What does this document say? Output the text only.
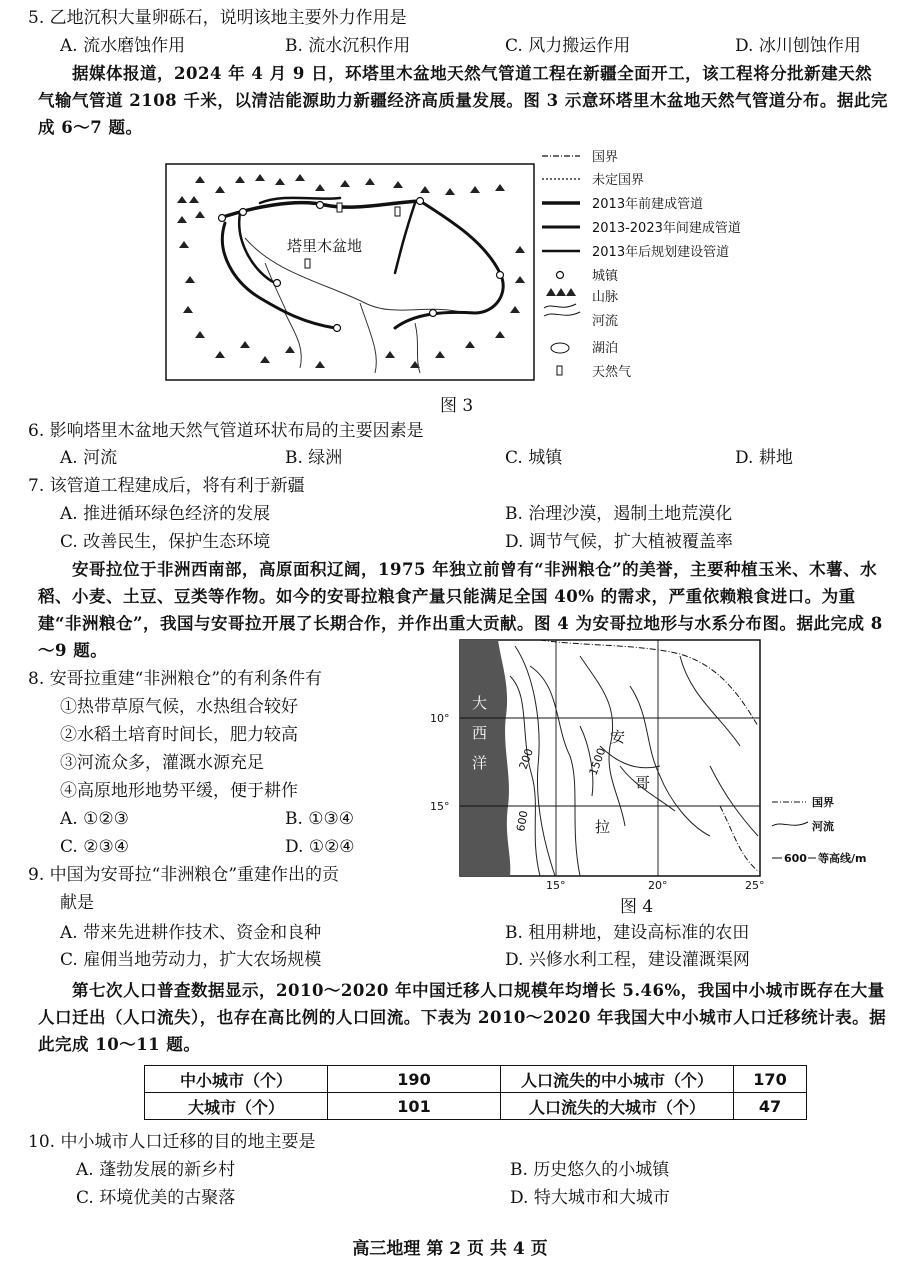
5. 乙地沉积大量卵砾石，说明该地主要外力作用是
A. 流水磨蚀作用	B. 流水沉积作用	C. 风力搬运作用	D. 冰川刨蚀作用
据媒体报道，2024 年 4 月 9 日，环塔里木盆地天然气管道工程在新疆全面开工，该工程将分批新建天然气输气管道 2108 千米，以清洁能源助力新疆经济高质量发展。图 3 示意环塔里木盆地天然气管道分布。据此完成 6～7 题。
塔里木盆地
国界
未定国界
2013年前建成管道
2013-2023年间建成管道
2013年后规划建设管道
城镇
山脉
河流
湖泊
天然气
图 3
6. 影响塔里木盆地天然气管道环状布局的主要因素是
A. 河流	B. 绿洲	C. 城镇	D. 耕地
7. 该管道工程建成后，将有利于新疆
A. 推进循环绿色经济的发展	B. 治理沙漠，遏制土地荒漠化
C. 改善民生，保护生态环境	D. 调节气候，扩大植被覆盖率
安哥拉位于非洲西南部，高原面积辽阔，1975 年独立前曾有“非洲粮仓”的美誉，主要种植玉米、木薯、水稻、小麦、土豆、豆类等作物。如今的安哥拉粮食产量只能满足全国 40% 的需求，严重依赖粮食进口。为重建“非洲粮仓”，我国与安哥拉开展了长期合作，并作出重大贡献。图 4 为安哥拉地形与水系分布图。据此完成 8～9 题。
8. 安哥拉重建“非洲粮仓”的有利条件有
①热带草原气候，水热组合较好
②水稻土培育时间长，肥力较高
③河流众多，灌溉水源充足
④高原地形地势平缓，便于耕作
A. ①②③	B. ①③④
C. ②③④	D. ①②④
9. 中国为安哥拉“非洲粮仓”重建作出的贡
献是
A. 带来先进耕作技术、资金和良种	B. 租用耕地，建设高标准的农田
C. 雇佣当地劳动力，扩大农场规模	D. 兴修水利工程，建设灌溉渠网
大
西
洋
安
哥
拉
10°
15°
15°	20°	25°
200
600
1500
国界
河流
600 等高线/m
图 4
第七次人口普查数据显示，2010～2020 年中国迁移人口规模年均增长 5.46%，我国中小城市既存在大量人口迁出（人口流失），也存在高比例的人口回流。下表为 2010～2020 年我国大中小城市人口迁移统计表。据此完成 10～11 题。
中小城市（个）	190	人口流失的中小城市（个）	170
大城市（个）	101	人口流失的大城市（个）	47
10. 中小城市人口迁移的目的地主要是
A. 蓬勃发展的新乡村	B. 历史悠久的小城镇
C. 环境优美的古聚落	D. 特大城市和大城市
高三地理 第 2 页 共 4 页
